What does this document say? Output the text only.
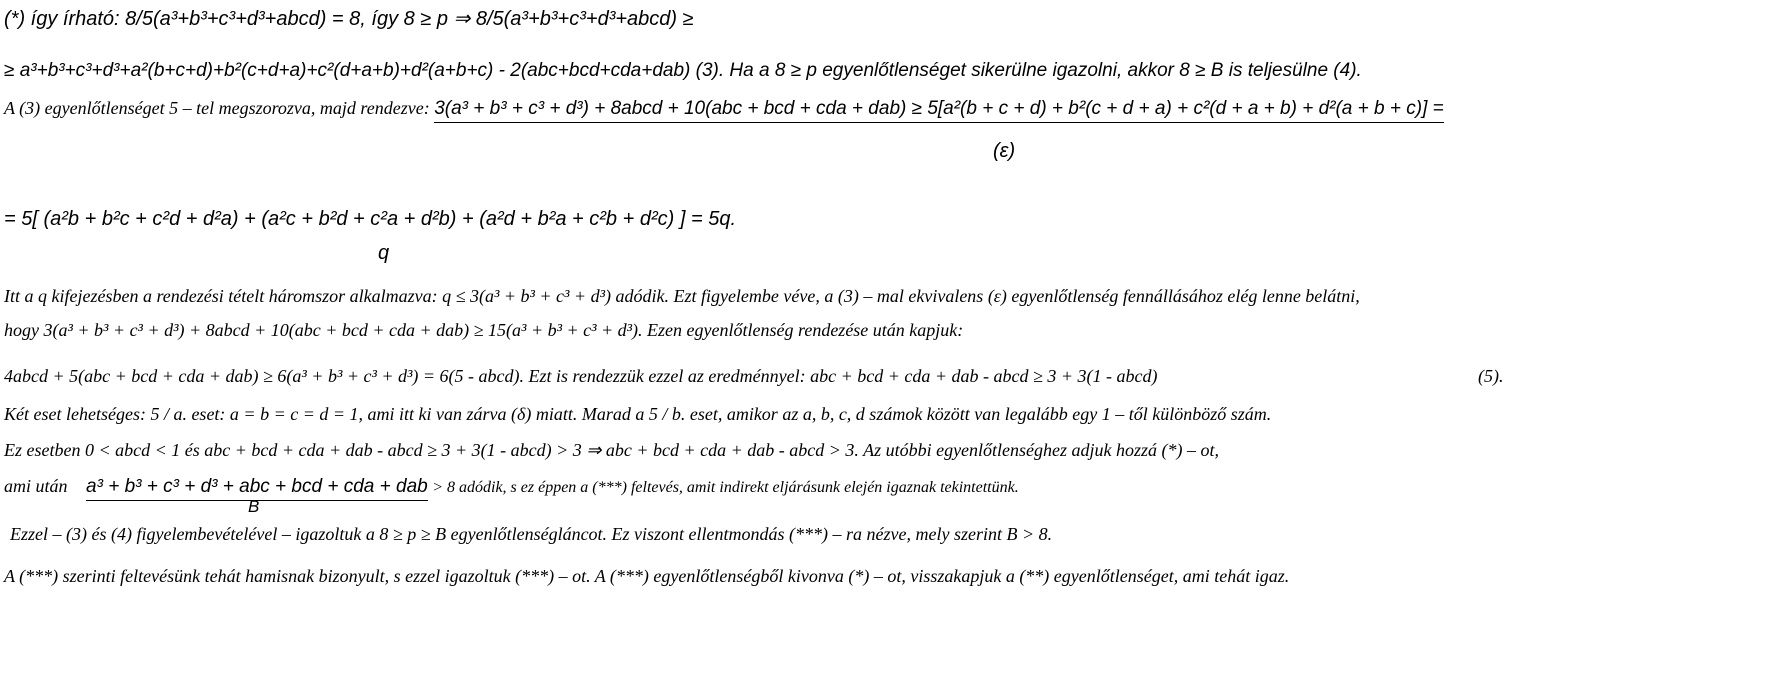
(*) így írható: 8/5(a³+b³+c³+d³+abcd) = 8, így 8 ≥ p ⇒ 8/5(a³+b³+c³+d³+abcd) ≥
≥ a³+b³+c³+d³+a²(b+c+d)+b²(c+d+a)+c²(d+a+b)+d²(a+b+c) - 2(abc+bcd+cda+dab) (3). Ha a 8 ≥ p egyenlőtlenséget sikerülne igazolni, akkor 8 ≥ B is teljesülne (4).
A (3) egyenlőtlenséget 5 – tel megszorozva, majd rendezve: 3(a³ + b³ + c³ + d³) + 8abcd + 10(abc + bcd + cda + dab) ≥ 5[a²(b + c + d) + b²(c + d + a) + c²(d + a + b) + d²(a + b + c)] =
(ε)
= 5[ (a²b + b²c + c²d + d²a) + (a²c + b²d + c²a + d²b) + (a²d + b²a + c²b + d²c) ] = 5q.
q
Itt a q kifejezésben a rendezési tételt háromszor alkalmazva: q ≤ 3(a³ + b³ + c³ + d³) adódik. Ezt figyelembe véve, a (3) – mal ekvivalens (ε) egyenlőtlenség fennállásához elég lenne belátni,
hogy 3(a³ + b³ + c³ + d³) + 8abcd + 10(abc + bcd + cda + dab) ≥ 15(a³ + b³ + c³ + d³). Ezen egyenlőtlenség rendezése után kapjuk:
4abcd + 5(abc + bcd + cda + dab) ≥ 6(a³ + b³ + c³ + d³) = 6(5 - abcd). Ezt is rendezzük ezzel az eredménnyel: abc + bcd + cda + dab - abcd ≥ 3 + 3(1 - abcd)	(5).
Két eset lehetséges: 5 / a. eset: a = b = c = d = 1, ami itt ki van zárva (δ) miatt. Marad a 5 / b. eset, amikor az a, b, c, d számok között van legalább egy 1 – től különböző szám.
Ez esetben 0 < abcd < 1 és abc + bcd + cda + dab - abcd ≥ 3 + 3(1 - abcd) > 3 ⇒ abc + bcd + cda + dab - abcd > 3. Az utóbbi egyenlőtlenséghez adjuk hozzá (*) – ot,
ami után a³ + b³ + c³ + d³ + abc + bcd + cda + dab > 8 adódik, s ez éppen a (***) feltevés, amit indirekt eljárásunk elején igaznak tekintettünk.
B
Ezzel – (3) és (4) figyelembevételével – igazoltuk a 8 ≥ p ≥ B egyenlőtlenségláncot. Ez viszont ellentmondás (***) – ra nézve, mely szerint B > 8.
A (***) szerinti feltevésünk tehát hamisnak bizonyult, s ezzel igazoltuk (***) – ot. A (***) egyenlőtlenségből kivonva (*) – ot, visszakapjuk a (**) egyenlőtlenséget, ami tehát igaz.
